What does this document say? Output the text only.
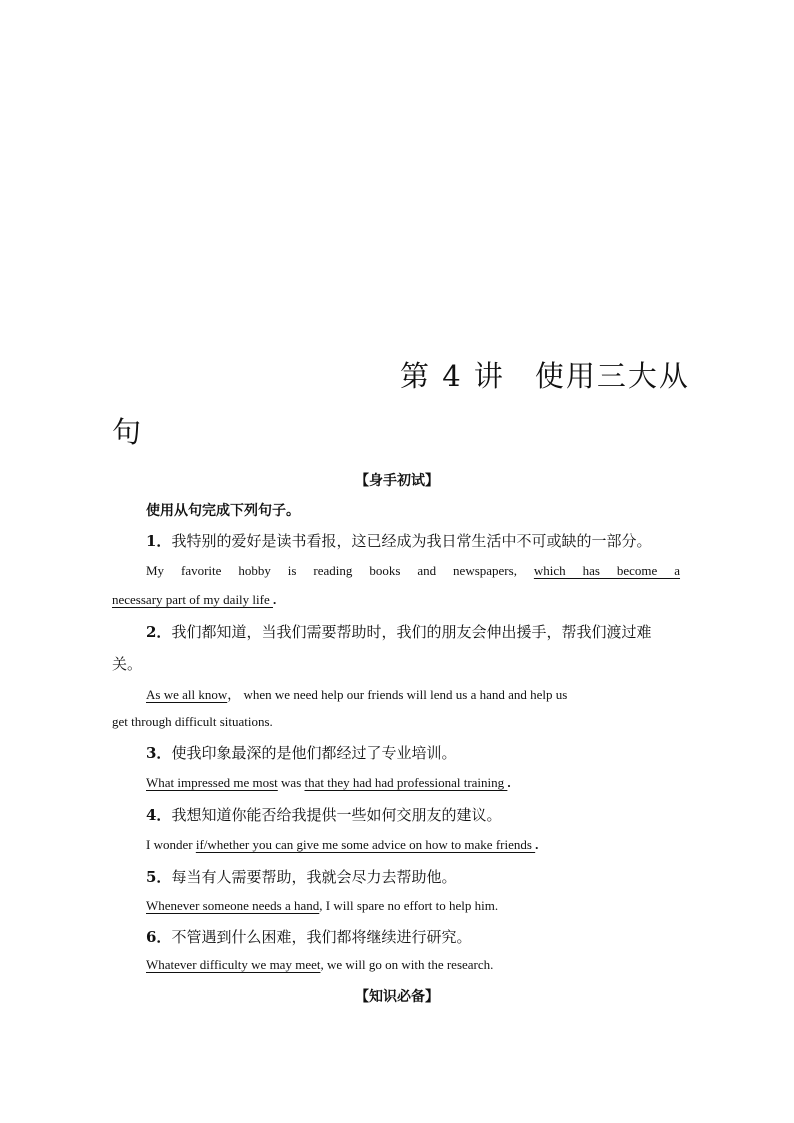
第 4 讲 使用三大从
句
【身手初试】
使用从句完成下列句子。
1．我特别的爱好是读书看报，这已经成为我日常生活中不可或缺的一部分。
My favorite hobby is reading books and newspapers, which has become a
necessary part of my daily life .
2．我们都知道，当我们需要帮助时，我们的朋友会伸出援手，帮我们渡过难
关。
As we all know， when we need help our friends will lend us a hand and help us
get through difficult situations.
3．使我印象最深的是他们都经过了专业培训。
What impressed me most was that they had had professional training .
4．我想知道你能否给我提供一些如何交朋友的建议。
I wonder if/whether you can give me some advice on how to make friends .
5．每当有人需要帮助，我就会尽力去帮助他。
Whenever someone needs a hand, I will spare no effort to help him.
6．不管遇到什么困难，我们都将继续进行研究。
Whatever difficulty we may meet, we will go on with the research.
【知识必备】
